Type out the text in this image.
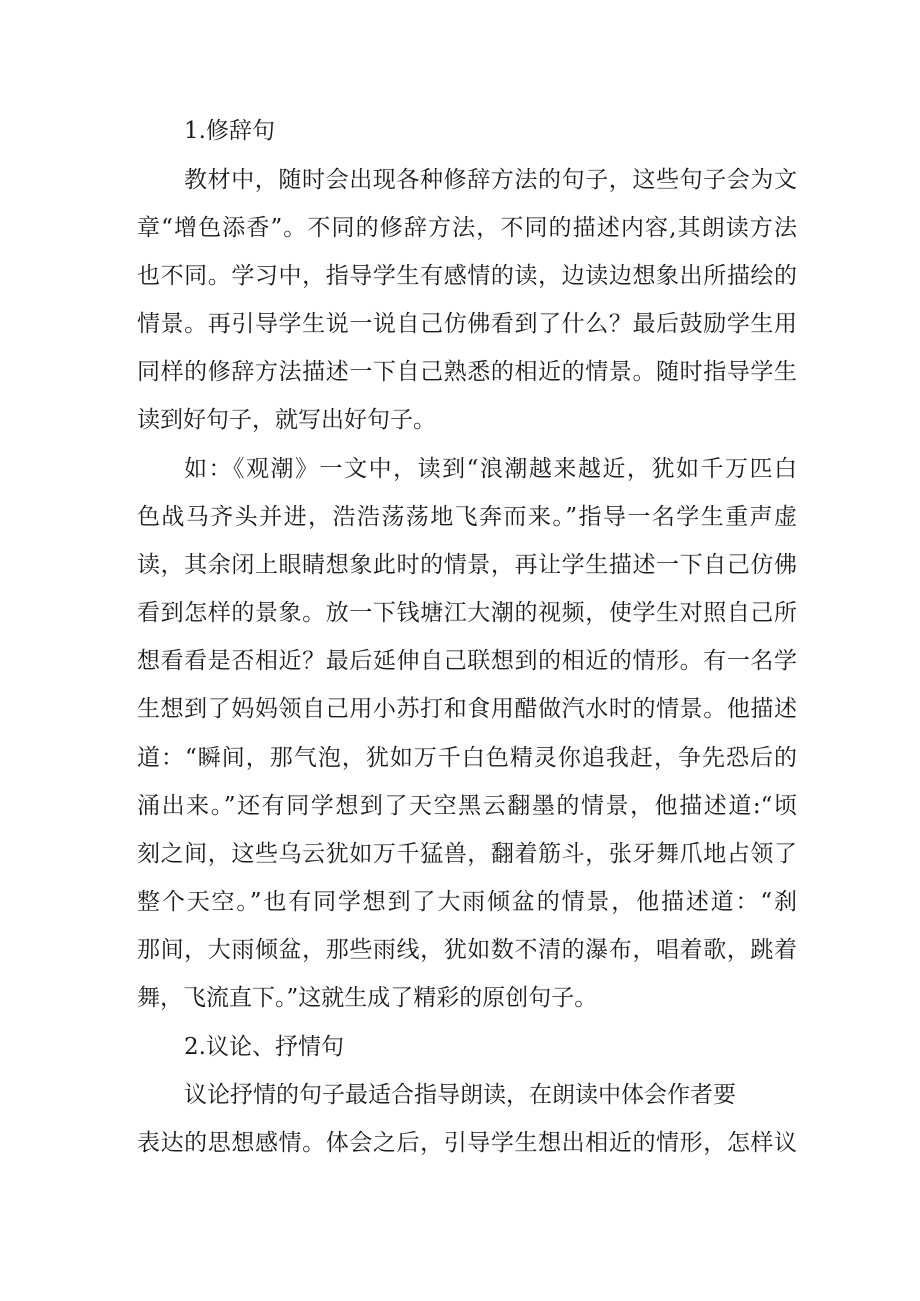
1.修辞句
教材中，随时会出现各种修辞方法的句子，这些句子会为文
章“增色添香”。不同的修辞方法，不同的描述内容,其朗读方法
也不同。学习中，指导学生有感情的读，边读边想象出所描绘的
情景。再引导学生说一说自己仿佛看到了什么？最后鼓励学生用
同样的修辞方法描述一下自己熟悉的相近的情景。随时指导学生
读到好句子，就写出好句子。
如：《观潮》一文中，读到“浪潮越来越近，犹如千万匹白
色战马齐头并进，浩浩荡荡地飞奔而来。”指导一名学生重声虚
读，其余闭上眼睛想象此时的情景，再让学生描述一下自己仿佛
看到怎样的景象。放一下钱塘江大潮的视频，使学生对照自己所
想看看是否相近？最后延伸自己联想到的相近的情形。有一名学
生想到了妈妈领自己用小苏打和食用醋做汽水时的情景。他描述
道：“瞬间，那气泡，犹如万千白色精灵你追我赶，争先恐后的
涌出来。”还有同学想到了天空黑云翻墨的情景，他描述道:“顷
刻之间，这些乌云犹如万千猛兽，翻着筋斗，张牙舞爪地占领了
整个天空。”也有同学想到了大雨倾盆的情景，他描述道：“刹
那间，大雨倾盆，那些雨线，犹如数不清的瀑布，唱着歌，跳着
舞，飞流直下。”这就生成了精彩的原创句子。
2.议论、抒情句
议论抒情的句子最适合指导朗读，在朗读中体会作者要
表达的思想感情。体会之后，引导学生想出相近的情形，怎样议
